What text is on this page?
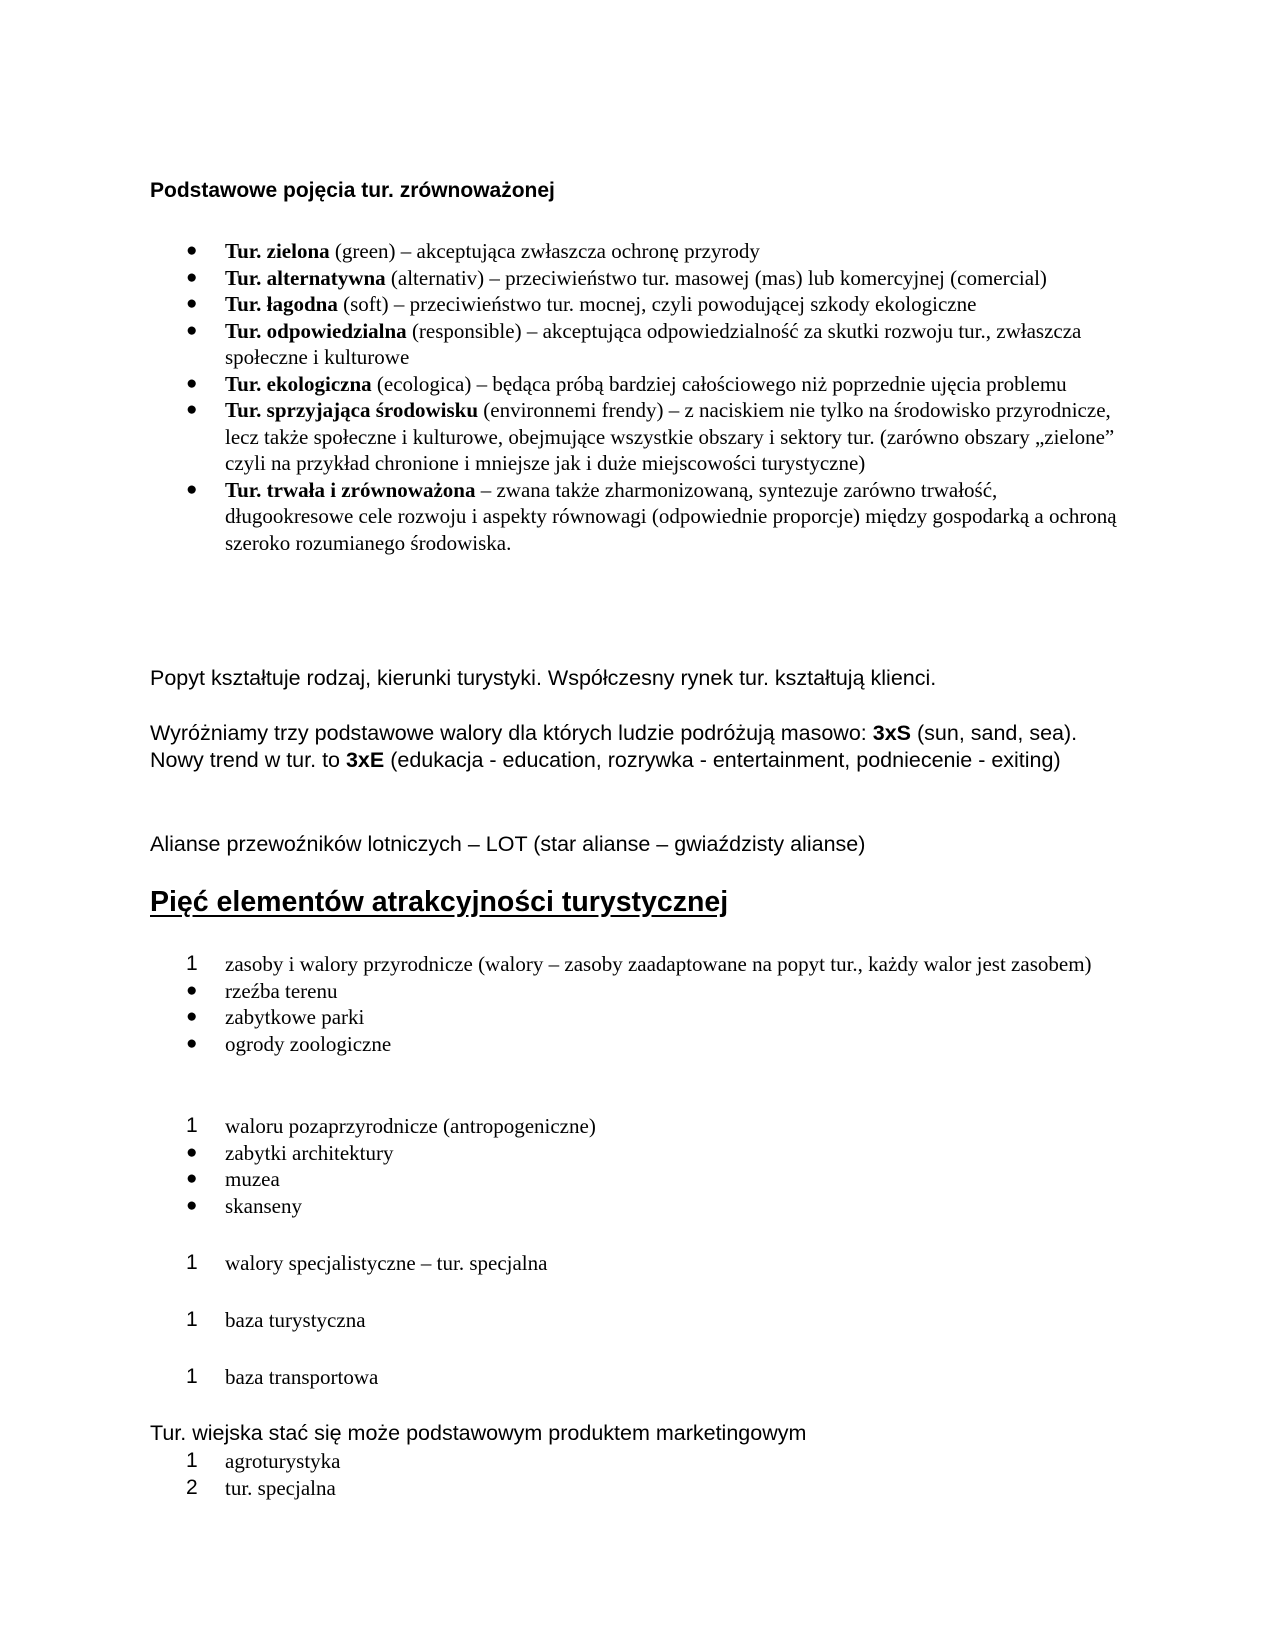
Podstawowe pojęcia tur. zrównoważonej
● Tur. zielona (green) – akceptująca zwłaszcza ochronę przyrody
● Tur. alternatywna (alternativ) – przeciwieństwo tur. masowej (mas) lub komercyjnej (comercial)
● Tur. łagodna (soft) – przeciwieństwo tur. mocnej, czyli powodującej szkody ekologiczne
● Tur. odpowiedzialna (responsible) – akceptująca odpowiedzialność za skutki rozwoju tur., zwłaszcza społeczne i kulturowe
● Tur. ekologiczna (ecologica) – będąca próbą bardziej całościowego niż poprzednie ujęcia problemu
● Tur. sprzyjająca środowisku (environnemi frendy) – z naciskiem nie tylko na środowisko przyrodnicze, lecz także społeczne i kulturowe, obejmujące wszystkie obszary i sektory tur. (zarówno obszary „zielone” czyli na przykład chronione i mniejsze jak i duże miejscowości turystyczne)
● Tur. trwała i zrównoważona – zwana także zharmonizowaną, syntezuje zarówno trwałość, długookresowe cele rozwoju i aspekty równowagi (odpowiednie proporcje) między gospodarką a ochroną szeroko rozumianego środowiska.
Popyt kształtuje rodzaj, kierunki turystyki. Współczesny rynek tur. kształtują klienci.
Wyróżniamy trzy podstawowe walory dla których ludzie podróżują masowo: 3xS (sun, sand, sea). Nowy trend w tur. to 3xE (edukacja - education, rozrywka - entertainment, podniecenie - exiting)
Alianse przewoźników lotniczych – LOT (star alianse – gwiaździsty alianse)
Pięć elementów atrakcyjności turystycznej
1 zasoby i walory przyrodnicze (walory – zasoby zaadaptowane na popyt tur., każdy walor jest zasobem)
● rzeźba terenu
● zabytkowe parki
● ogrody zoologiczne
1 waloru pozaprzyrodnicze (antropogeniczne)
● zabytki architektury
● muzea
● skanseny
1 walory specjalistyczne – tur. specjalna
1 baza turystyczna
1 baza transportowa
Tur. wiejska stać się może podstawowym produktem marketingowym
1 agroturystyka
2 tur. specjalna
